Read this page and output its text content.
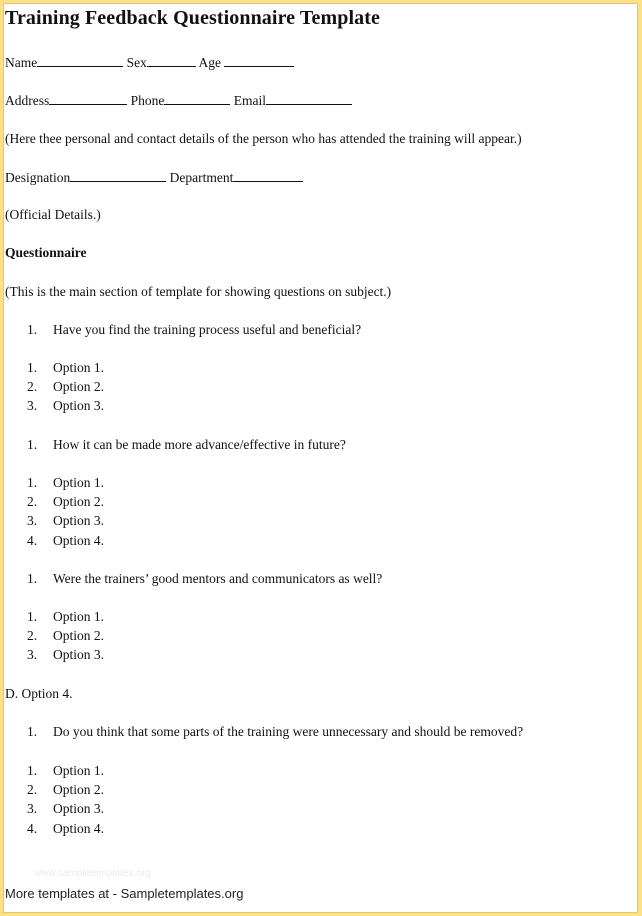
Training Feedback Questionnaire Template
Name	Sex	Age
Address	Phone	Email
(Here thee personal and contact details of the person who has attended the training will appear.)
Designation	Department
(Official Details.)
Questionnaire
(This is the main section of template for showing questions on subject.)
1. Have you find the training process useful and beneficial?
1. Option 1.
2. Option 2.
3. Option 3.
1. How it can be made more advance/effective in future?
1. Option 1.
2. Option 2.
3. Option 3.
4. Option 4.
1. Were the trainers’ good mentors and communicators as well?
1. Option 1.
2. Option 2.
3. Option 3.
D. Option 4.
1. Do you think that some parts of the training were unnecessary and should be removed?
1. Option 1.
2. Option 2.
3. Option 3.
4. Option 4.
www.sampletemplates.org
More templates at - Sampletemplates.org
